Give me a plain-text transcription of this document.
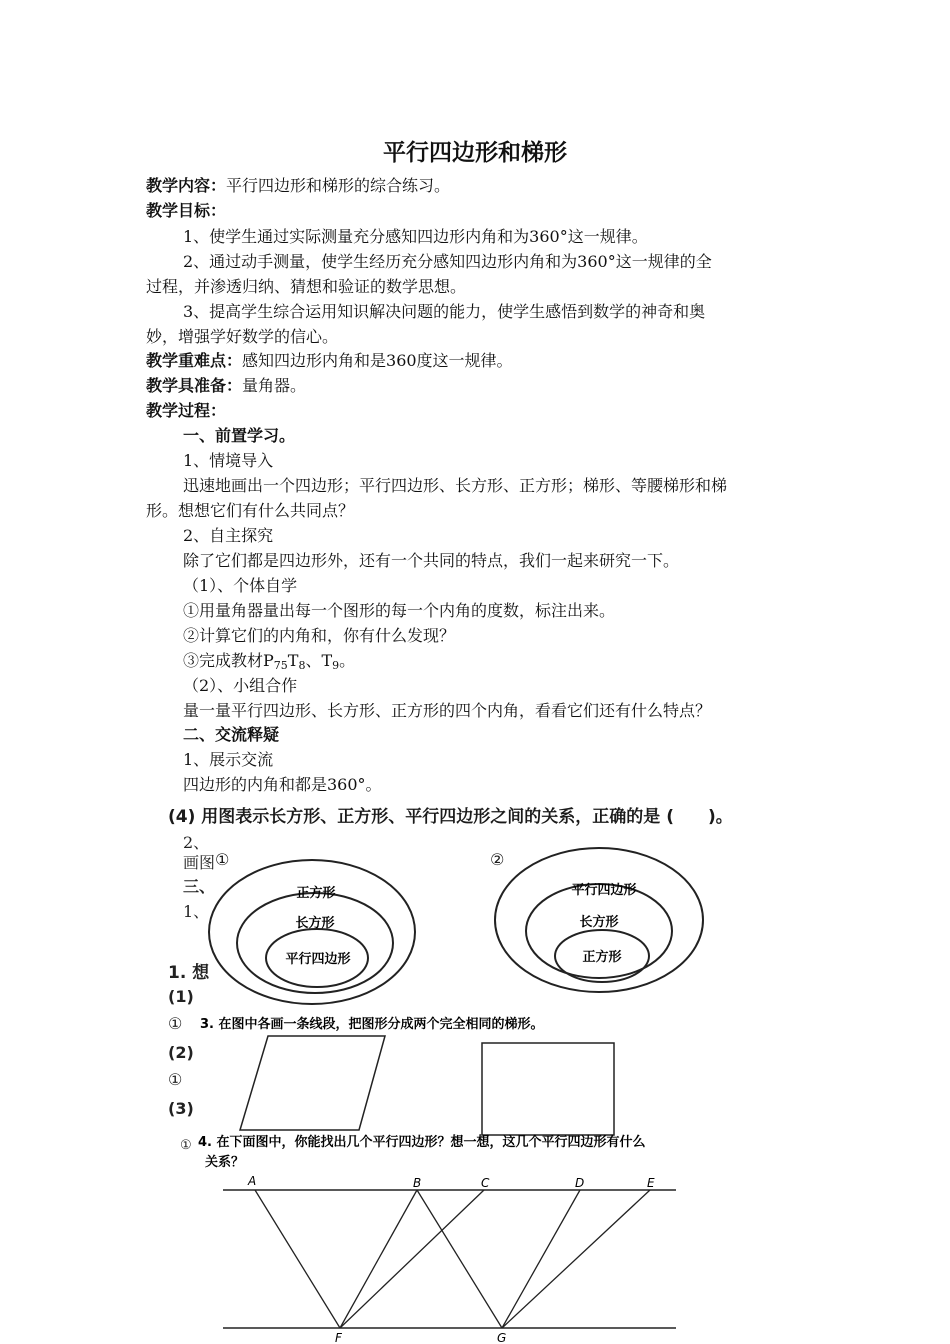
平行四边形和梯形
教学内容：平行四边形和梯形的综合练习。
教学目标：
1、使学生通过实际测量充分感知四边形内角和为360°这一规律。
2、通过动手测量，使学生经历充分感知四边形内角和为360°这一规律的全
过程，并渗透归纳、猜想和验证的数学思想。
3、提高学生综合运用知识解决问题的能力，使学生感悟到数学的神奇和奥
妙，增强学好数学的信心。
教学重难点：感知四边形内角和是360度这一规律。
教学具准备：量角器。
教学过程：
一、前置学习。
1、情境导入
迅速地画出一个四边形；平行四边形、长方形、正方形；梯形、等腰梯形和梯
形。想想它们有什么共同点？
2、自主探究
除了它们都是四边形外，还有一个共同的特点，我们一起来研究一下。
（1）、个体自学
①用量角器量出每一个图形的每一个内角的度数，标注出来。
②计算它们的内角和，你有什么发现？
③完成教材$P_{75}T_8$、$T_9$。
（2）、小组合作
量一量平行四边形、长方形、正方形的四个内角，看看它们还有什么特点？
二、交流释疑
1、展示交流
四边形的内角和都是360°。
(4) 用图表示长方形、正方形、平行四边形之间的关系，正确的是 (　　)。
2、
画图
三、
1、
1. 想
(1)
①
(2)
①
(3)
①
①	②
正方形
长方形
平行四边形
平行四边形
长方形
正方形
3. 在图中各画一条线段，把图形分成两个完全相同的梯形。
4. 在下面图中，你能找出几个平行四边形？想一想，这几个平行四边形有什么
关系？
A	B	C	D	E
F	G
